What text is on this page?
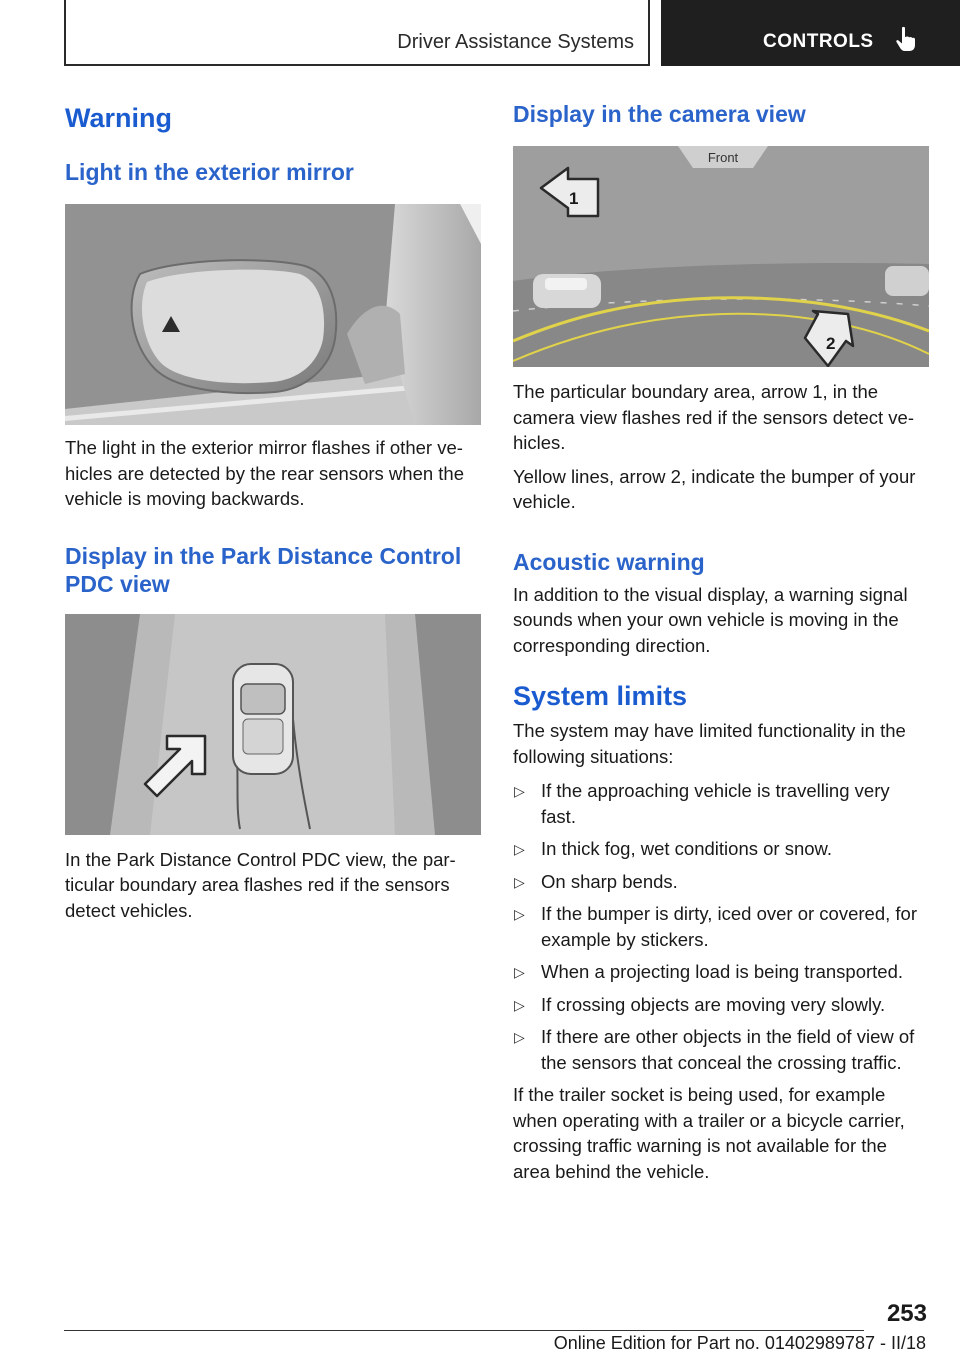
Driver Assistance Systems	CONTROLS
Warning
Light in the exterior mirror
The light in the exterior mirror flashes if other ve-hicles are detected by the rear sensors when the vehicle is moving backwards.
Display in the Park Distance Control PDC view
In the Park Distance Control PDC view, the par-ticular boundary area flashes red if the sensors detect vehicles.
Display in the camera view
Front
1
2
The particular boundary area, arrow 1, in the camera view flashes red if the sensors detect ve-hicles.
Yellow lines, arrow 2, indicate the bumper of your vehicle.
Acoustic warning
In addition to the visual display, a warning signal sounds when your own vehicle is moving in the corresponding direction.
System limits
The system may have limited functionality in the following situations:
▷ If the approaching vehicle is travelling very fast.
▷ In thick fog, wet conditions or snow.
▷ On sharp bends.
▷ If the bumper is dirty, iced over or covered, for example by stickers.
▷ When a projecting load is being transported.
▷ If crossing objects are moving very slowly.
▷ If there are other objects in the field of view of the sensors that conceal the crossing traffic.
If the trailer socket is being used, for example when operating with a trailer or a bicycle carrier, crossing traffic warning is not available for the area behind the vehicle.
253
Online Edition for Part no. 01402989787 - II/18
